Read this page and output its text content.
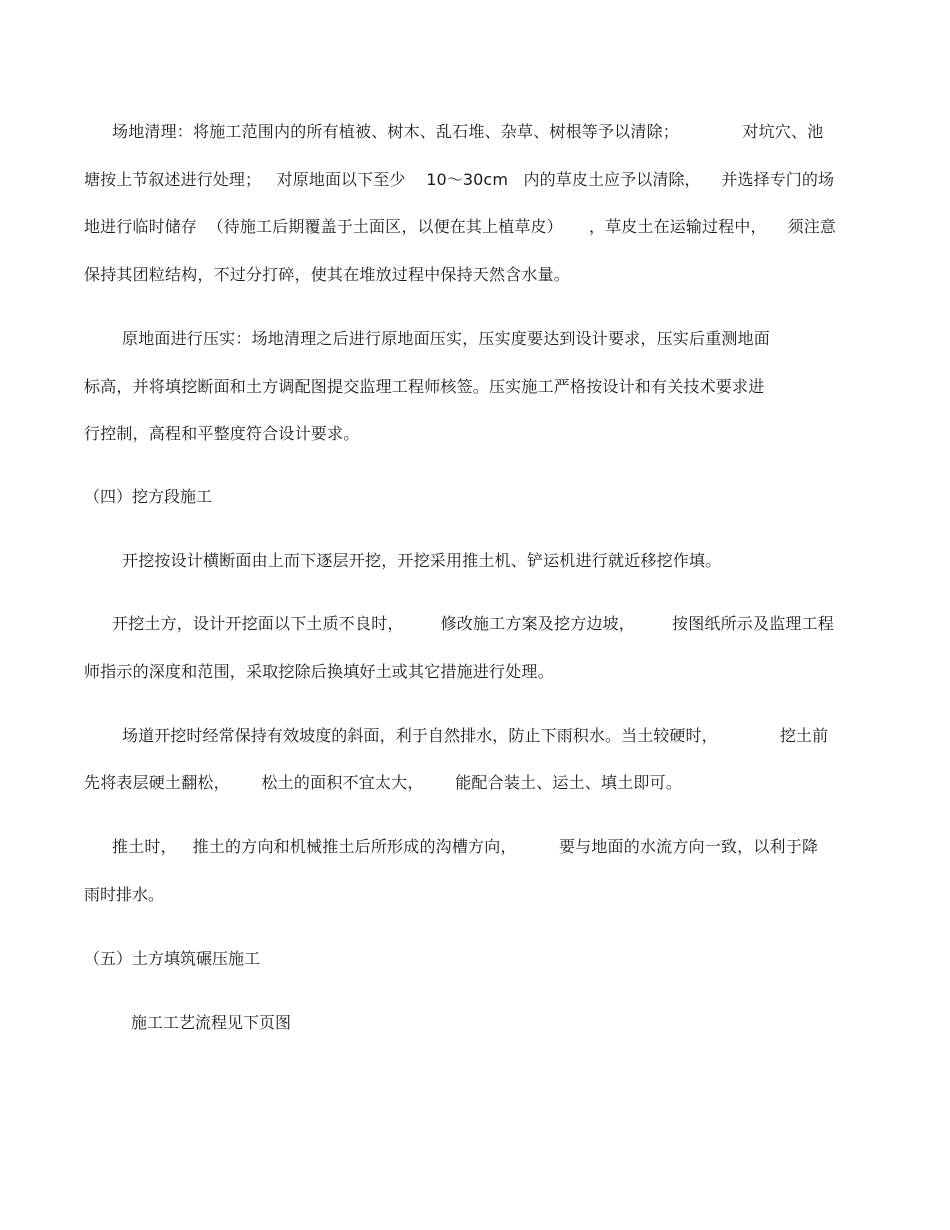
场地清理：将施工范围内的所有植被、树木、乱石堆、杂草、树根等予以清除；            对坑穴、池
塘按上节叙述进行处理；   对原地面以下至少    10～30cm   内的草皮土应予以清除，    并选择专门的场
地进行临时储存  （待施工后期覆盖于土面区，以便在其上植草皮）     ，草皮土在运输过程中，    须注意
保持其团粒结构，不过分打碎，使其在堆放过程中保持天然含水量。
原地面进行压实：场地清理之后进行原地面压实，压实度要达到设计要求，压实后重测地面
标高，并将填挖断面和土方调配图提交监理工程师核签。压实施工严格按设计和有关技术要求进
行控制，高程和平整度符合设计要求。
（四）挖方段施工
开挖按设计横断面由上而下逐层开挖，开挖采用推土机、铲运机进行就近移挖作填。
开挖土方，设计开挖面以下土质不良时，       修改施工方案及挖方边坡，       按图纸所示及监理工程
师指示的深度和范围，采取挖除后换填好土或其它措施进行处理。
场道开挖时经常保持有效坡度的斜面，利于自然排水，防止下雨积水。当土较硬时，            挖土前
先将表层硬土翻松，      松土的面积不宜太大，      能配合装土、运土、填土即可。
推土时，   推土的方向和机械推土后所形成的沟槽方向，        要与地面的水流方向一致，以利于降
雨时排水。
（五）土方填筑碾压施工
施工工艺流程见下页图
